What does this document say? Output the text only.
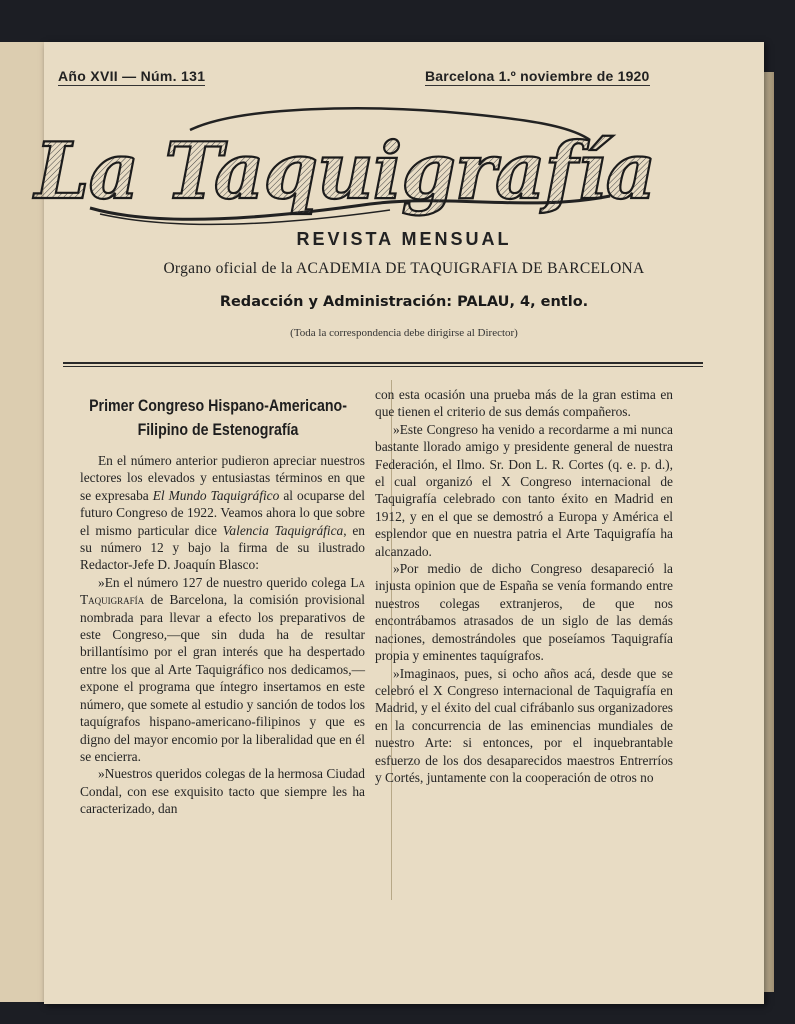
Año XVII — Núm. 131	Barcelona 1.º noviembre de 1920
La Taquigrafía
REVISTA MENSUAL
Organo oficial de la ACADEMIA DE TAQUIGRAFIA DE BARCELONA
Redacción y Administración: PALAU, 4, entlo.
(Toda la correspondencia debe dirigirse al Director)
Primer Congreso Hispano-Americano-
Filipino de Estenografía

En el número anterior pudieron apreciar nuestros lectores los elevados y entusiastas términos en que se expresaba El Mundo Taquigráfico al ocuparse del futuro Congreso de 1922. Veamos ahora lo que sobre el mismo particular dice Valencia Taquigráfica, en su número 12 y bajo la firma de su ilustrado Redactor-Jefe D. Joaquín Blasco:

»En el número 127 de nuestro querido colega La Taquigrafía de Barcelona, la comisión provisional nombrada para llevar a efecto los preparativos de este Congreso,—que sin duda ha de resultar brillantísimo por el gran interés que ha despertado entre los que al Arte Taquigráfico nos dedicamos,—expone el programa que íntegro insertamos en este número, que somete al estudio y sanción de todos los taquígrafos hispano-americano-filipinos y que es digno del mayor encomio por la liberalidad que en él se encierra.

»Nuestros queridos colegas de la hermosa Ciudad Condal, con ese exquisito tacto que siempre les ha caracterizado, dan

con esta ocasión una prueba más de la gran estima en que tienen el criterio de sus demás compañeros.

»Este Congreso ha venido a recordarme a mi nunca bastante llorado amigo y presidente general de nuestra Federación, el Ilmo. Sr. Don L. R. Cortes (q. e. p. d.), el cual organizó el X Congreso internacional de Taquigrafía celebrado con tanto éxito en Madrid en 1912, y en el que se demostró a Europa y América el esplendor que en nuestra patria el Arte Taquigrafía ha alcanzado.

»Por medio de dicho Congreso desapareció la injusta opinion que de España se venía formando entre nuestros colegas extranjeros, de que nos encontrábamos atrasados de un siglo de las demás naciones, demostrándoles que poseíamos Taquigrafía propia y eminentes taquígrafos.

»Imaginaos, pues, si ocho años acá, desde que se celebró el X Congreso internacional de Taquigrafía en Madrid, y el éxito del cual cifrábanlo sus organizadores en la concurrencia de las eminencias mundiales de nuestro Arte: si entonces, por el inquebrantable esfuerzo de los dos desaparecidos maestros Entrerríos y Cortés, juntamente con la cooperación de otros no
